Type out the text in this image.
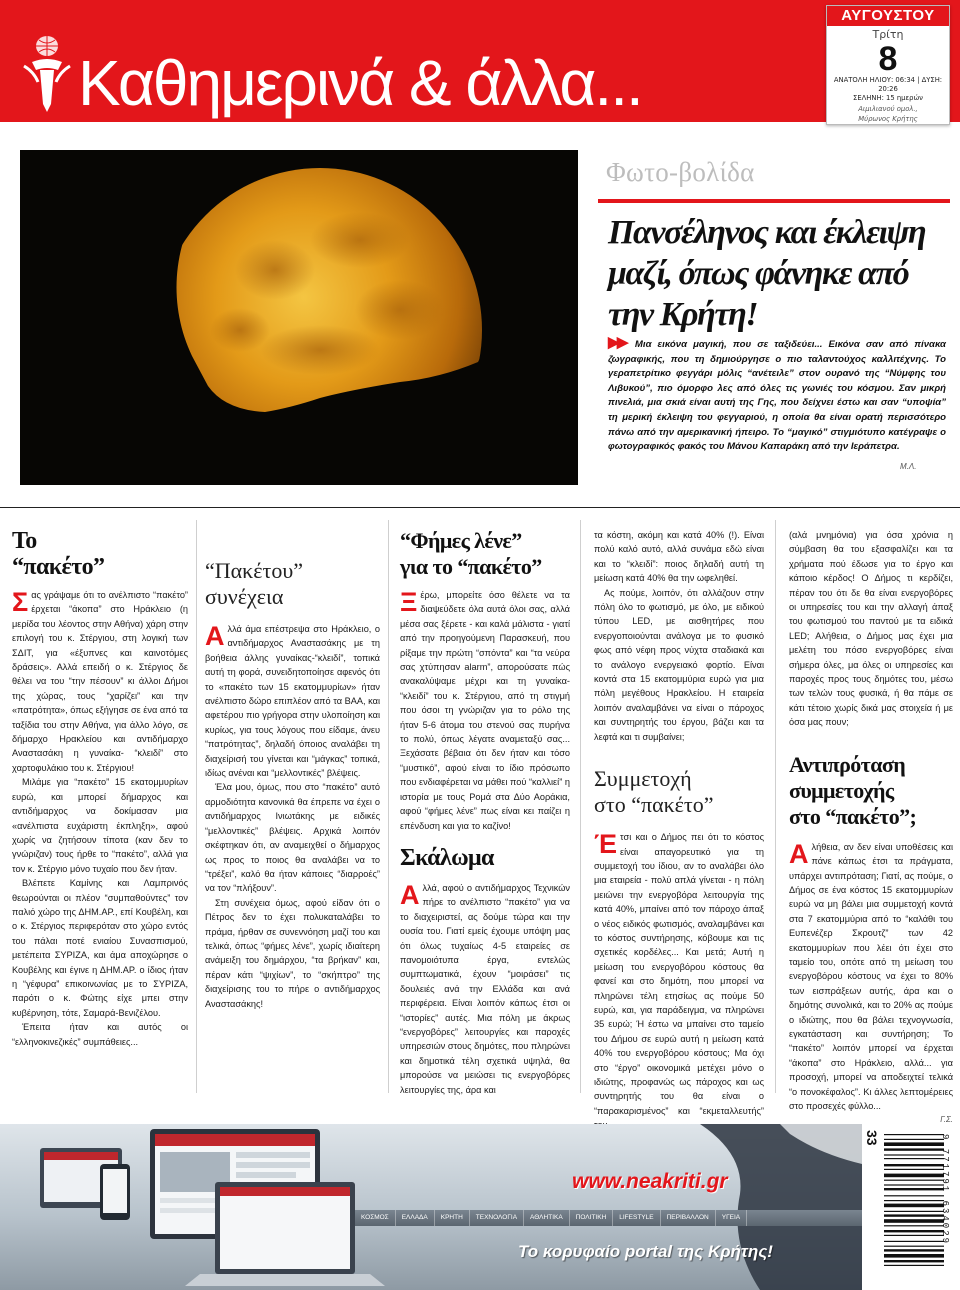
Καθημερινά & άλλα...
ΑΥΓΟΥΣΤΟΥ
Τρίτη
8
ΑΝΑΤΟΛΗ ΗΛΙΟΥ: 06:34 | ΔΥΣΗ: 20:26
ΣΕΛΗΝΗ: 15 ημερών
Αιμιλιανού ομολ.,
Μύρωνος Κρήτης
Φωτο-βολίδα
Πανσέληνος και έκλειψη
μαζί, όπως φάνηκε από
την Κρήτη!
▶▶ Μια εικόνα μαγική, που σε ταξιδεύει... Εικόνα σαν από πίνακα ζωγραφικής, που τη δημιούργησε ο πιο ταλαντούχος καλλιτέχνης. Το γεραπετρίτικο φεγγάρι μόλις “ανέτειλε” στον ουρανό της “Νύμφης του Λιβυκού”, πιο όμορφο λες από όλες τις γωνιές του κόσμου. Σαν μικρή πινελιά, μια σκιά είναι αυτή της Γης, που δείχνει έστω και σαν “υποψία” τη μερική έκλειψη του φεγγαριού, η οποία θα είναι ορατή περισσότερο πάνω από την αμερικανική ήπειρο. Το “μαγικό” στιγμιότυπο κατέγραψε ο φωτογραφικός φακός του Μάνου Καπαράκη από την Ιεράπετρα.
Μ.Λ.
Το
“πακέτο”

Σας γράψαμε ότι το ανέλπιστο “πακέτο” έρχεται “άκοπα” στο Ηράκλειο (η μερίδα του λέοντος στην Αθήνα) χάρη στην επιλογή του κ. Στέργιου, στη λογική των ΣΔΙΤ, για «έξυπνες και καινοτόμες δράσεις». Αλλά επειδή ο κ. Στέργιος δε θέλει να του “την πέσουν” κι άλλοι Δήμοι της χώρας, τους “χαρίζει” και την «πατρότητα», όπως εξήγησε σε ένα από τα ταξίδια του στην Αθήνα, για άλλο λόγο, σε δήμαρχο Ηρακλείου και αντιδήμαρχο Αναστασάκη η γυναίκα- “κλειδί” στο χαρτοφυλάκιο του κ. Στέργιου!

Μιλάμε για “πακέτο” 15 εκατομμυρίων ευρώ, και μπορεί δήμαρχος και αντιδήμαρχος να δοκίμασαν μια «ανέλπιστα ευχάριστη έκπληξη», αφού χωρίς να ζητήσουν τίποτα (καν δεν το γνώριζαν) τους ήρθε το “πακέτο”, αλλά για τον κ. Στέργιο μόνο τυχαίο που δεν ήταν.

Βλέπετε Καμίνης και Λαμπρινός θεωρούνται οι πλέον “συμπαθούντες” τον παλιό χώρο της ΔΗΜ.ΑΡ., επί Κουβέλη, και ο κ. Στέργιος περιφερόταν στο χώρο εντός του πάλαι ποτέ ενιαίου Συνασπισμού, μετέπειτα ΣΥΡΙΖΑ, και άμα αποχώρησε ο Κουβέλης και έγινε η ΔΗΜ.ΑΡ. ο ίδιος ήταν η “γέφυρα” επικοινωνίας με το ΣΥΡΙΖΑ, παρότι ο κ. Φώτης είχε μπει στην κυβέρνηση, τότε, Σαμαρά-Βενιζέλου.

Έπειτα ήταν και αυτός οι “ελληνοκινεζικές” συμπάθειες...

“Πακέτου”
συνέχεια

Αλλά άμα επέστρεψα στο Ηράκλειο, ο αντιδήμαρχος Αναστασάκης με τη βοήθεια άλλης γυναίκας-“κλειδί”, τοπικά αυτή τη φορά, συνειδητοποίησε αφενός ότι το «πακέτο των 15 εκατομμυρίων» ήταν ανέλπιστο δώρο επιπλέον από τα ΒΑΑ, και αφετέρου πιο γρήγορα στην υλοποίηση και κυρίως, για τους λόγους που είδαμε, άνευ “πατρότητας”, δηλαδή όποιος αναλάβει τη διαχείρισή του γίνεται και “μάγκας” τοπικά, ιδίως ανέναι και “μελλοντικές” βλέψεις.

Έλα μου, όμως, που στο “πακέτο” αυτό αρμοδιότητα κανονικά θα έπρεπε να έχει ο αντιδήμαρχος Ινιωτάκης με ειδικές “μελλοντικές” βλέψεις. Αρχικά λοιπόν σκέφτηκαν ότι, αν αναμειχθεί ο δήμαρχος ως προς το ποιος θα αναλάβει να το “τρέξει”, καλό θα ήταν κάποιες “διαρροές” να τον “πλήξουν”.

Στη συνέχεια όμως, αφού είδαν ότι ο Πέτρος δεν το έχει πολυκαταλάβει το πράμα, ήρθαν σε συνεννόηση μαζί του και τελικά, όπως “φήμες λένε”, χωρίς ιδιαίτερη ανάμειξη του δημάρχου, “τα βρήκαν” και, πέραν κάτι “ψιχίων”, το “σκήπτρο” της διαχείρισης του το πήρε ο αντιδήμαρχος Αναστασάκης!

“Φήμες λένε”
για το “πακέτο”

Ξέρω, μπορείτε όσο θέλετε να τα διαψεύδετε όλα αυτά όλοι σας, αλλά μέσα σας ξέρετε - και καλά μάλιστα - γιατί από την προηγούμενη Παρασκευή, που ρίξαμε την πρώτη “σπόντα” και “τα νεύρα σας χτύπησαν alarm”, απορούσατε πώς ανακαλύψαμε μέχρι και τη γυναίκα- “κλειδί” του κ. Στέργιου, από τη στιγμή που όσοι τη γνώριζαν για το ρόλο της ήταν 5-6 άτομα του στενού σας πυρήνα το πολύ, όπως λέγατε αναμεταξύ σας... Ξεχάσατε βέβαια ότι δεν ήταν και τόσο “μυστικό”, αφού είναι το ίδιο πρόσωπο που ενδιαφέρεται να μάθει πού “καλλιεί” η ιστορία με τους Ρομά στα Δύο Αοράκια, αφού “φήμες λένε” πως είναι κει παίζει η επένδυση και για το καζίνο!

Σκάλωμα

Αλλά, αφού ο αντιδήμαρχος Τεχνικών πήρε το ανέλπιστο “πακέτο” για να το διαχειριστεί, ας δούμε τώρα και την ουσία του. Γιατί εμείς έχουμε υπόψη μας ότι όλως τυχαίως 4-5 εταιρείες σε πανομοιότυπα έργα, εντελώς συμπτωματικά, έχουν “μοιράσει” τις δουλειές ανά την Ελλάδα και ανά περιφέρεια. Είναι λοιπόν κάπως έτσι οι “ιστορίες” αυτές. Μια πόλη με άκρως “ενεργοβόρες” λειτουργίες και παροχές υπηρεσιών στους δημότες, που πληρώνει και δημοτικά τέλη σχετικά υψηλά, θα μπορούσε να μειώσει τις ενεργοβόρες λειτουργίες της, άρα και

τα κόστη, ακόμη και κατά 40% (!). Είναι πολύ καλό αυτό, αλλά συνάμα εδώ είναι και το “κλειδί”: ποιος δηλαδή αυτή τη μείωση κατά 40% θα την ωφεληθεί.

Ας πούμε, λοιπόν, ότι αλλάζουν στην πόλη όλο το φωτισμό, με όλο, με ειδικού τύπου LED, με αισθητήρες που ενεργοποιούνται ανάλογα με το φυσικό φως από νέφη προς νύχτα σταδιακά και το ανάλογο ενεργειακό φορτίο. Είναι κοντά στα 15 εκατομμύρια ευρώ για μια πόλη μεγέθους Ηρακλείου. Η εταιρεία λοιπόν αναλαμβάνει να είναι ο πάροχος και συντηρητής του έργου, βάζει και τα λεφτά και τι συμβαίνει;

Συμμετοχή
στο “πακέτο”

Έτσι και ο Δήμος πει ότι το κόστος είναι απαγορευτικό για τη συμμετοχή του ίδιου, αν το αναλάβει όλο μια εταιρεία - πολύ απλά γίνεται - η πόλη μειώνει την ενεργοβόρα λειτουργία της κατά 40%, μπαίνει από τον πάροχο άπαξ ο νέος ειδικός φωτισμός, αναλαμβάνει και το κόστος συντήρησης, κόβουμε και τις σχετικές κορδέλες... Και μετά; Αυτή η μείωση του ενεργοβόρου κόστους θα φανεί και στο δημότη, που μπορεί να πληρώνει τέλη ετησίως ας πούμε 50 ευρώ, και, για παράδειγμα, να πληρώνει 35 ευρώ; Ή έστω να μπαίνει στο ταμείο του Δήμου σε ευρώ αυτή η μείωση κατά 40% του ενεργοβόρου κόστους; Μα όχι στο “έργο” οικονομικά μετέχει μόνο ο ιδιώτης, προφανώς ως πάροχος και ως συντηρητής του θα είναι ο “παρακαρισμένος” και “εκμεταλλευτής”

(αλά μνημόνια) για όσα χρόνια η σύμβαση θα του εξασφαλίζει και τα χρήματα πού έδωσε για το έργο και κάποιο κέρδος! Ο Δήμος τι κερδίζει, πέραν του ότι δε θα είναι ενεργοβόρες οι υπηρεσίες του και την αλλαγή άπαξ του φωτισμού του παντού με τα ειδικά LED; Αλήθεια, ο Δήμος μας έχει μια μελέτη του πόσο ενεργοβόρες είναι σήμερα όλες, μα όλες οι υπηρεσίες και παροχές προς τους δημότες του, μέσω των τελών τους φυσικά, ή θα πάμε σε κάτι τέτοιο χωρίς δικά μας στοιχεία ή με όσα μας πουν;

Αντιπρόταση
συμμετοχής
στο “πακέτο”;

Αλήθεια, αν δεν είναι υποθέσεις και πάνε κάπως έτσι τα πράγματα, υπάρχει αντιπρόταση; Γιατί, ας πούμε, ο Δήμος σε ένα κόστος 15 εκατομμυρίων ευρώ να μη βάλει μια συμμετοχή κοντά στα 7 εκατομμύρια από το “καλάθι του Ευπενέζερ Σκρουτζ” των 42 εκατομμυρίων που λέει ότι έχει στο ταμείο του, οπότε από τη μείωση του ενεργοβόρου κόστους να έχει το 80% των εισπράξεων αυτής, άρα και ο δημότης συνολικά, και το 20% ας πούμε ο ιδιώτης, που θα βάλει τεχνογνωσία, εγκατάσταση και συντήρηση; Το “πακέτο” λοιπόν μπορεί να έρχεται “άκοπα” στο Ηράκλειο, αλλά... για προσοχή, μπορεί να αποδειχτεί τελικά “ο πονοκέφαλος”. Κι άλλες λεπτομέρειες στο προσεχές φύλλο...

Γ.Σ.
ΚΟΣΜΟΣ	ΕΛΛΑΔΑ	ΚΡΗΤΗ	ΤΕΧΝΟΛΟΓΙΑ	ΑΘΛΗΤΙΚΑ	ΠΟΛΙΤΙΚΗ	LIFESTYLE	ΠΕΡΙΒΑΛΛΟΝ	ΥΓΕΙΑ
www.neakriti.gr
Το κορυφαίο portal της Κρήτης!
33	9 771791 634029
